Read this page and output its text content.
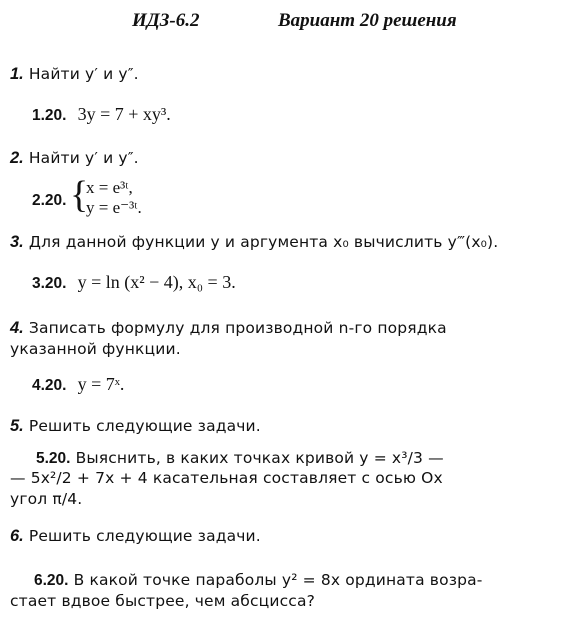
ИДЗ-6.2	Вариант 20 решения
1. Найти y′ и y″.
1.20. 3y = 7 + xy³.
2. Найти y′ и y″.
2.20. {
x = e³ᵗ,
y = e⁻³ᵗ.
3. Для данной функции y и аргумента x₀ вычислить y‴(x₀).
3.20. y = ln (x² − 4), x₀ = 3.
4. Записать формулу для производной n-го порядка
указанной функции.
4.20. y = 7ˣ.
5. Решить следующие задачи.
5.20. Выяснить, в каких точках кривой y = x³/3 —
— 5x²/2 + 7x + 4 касательная составляет с осью Ox
угол π/4.
6. Решить следующие задачи.
6.20. В какой точке параболы y² = 8x ордината возра-
стает вдвое быстрее, чем абсцисса?
